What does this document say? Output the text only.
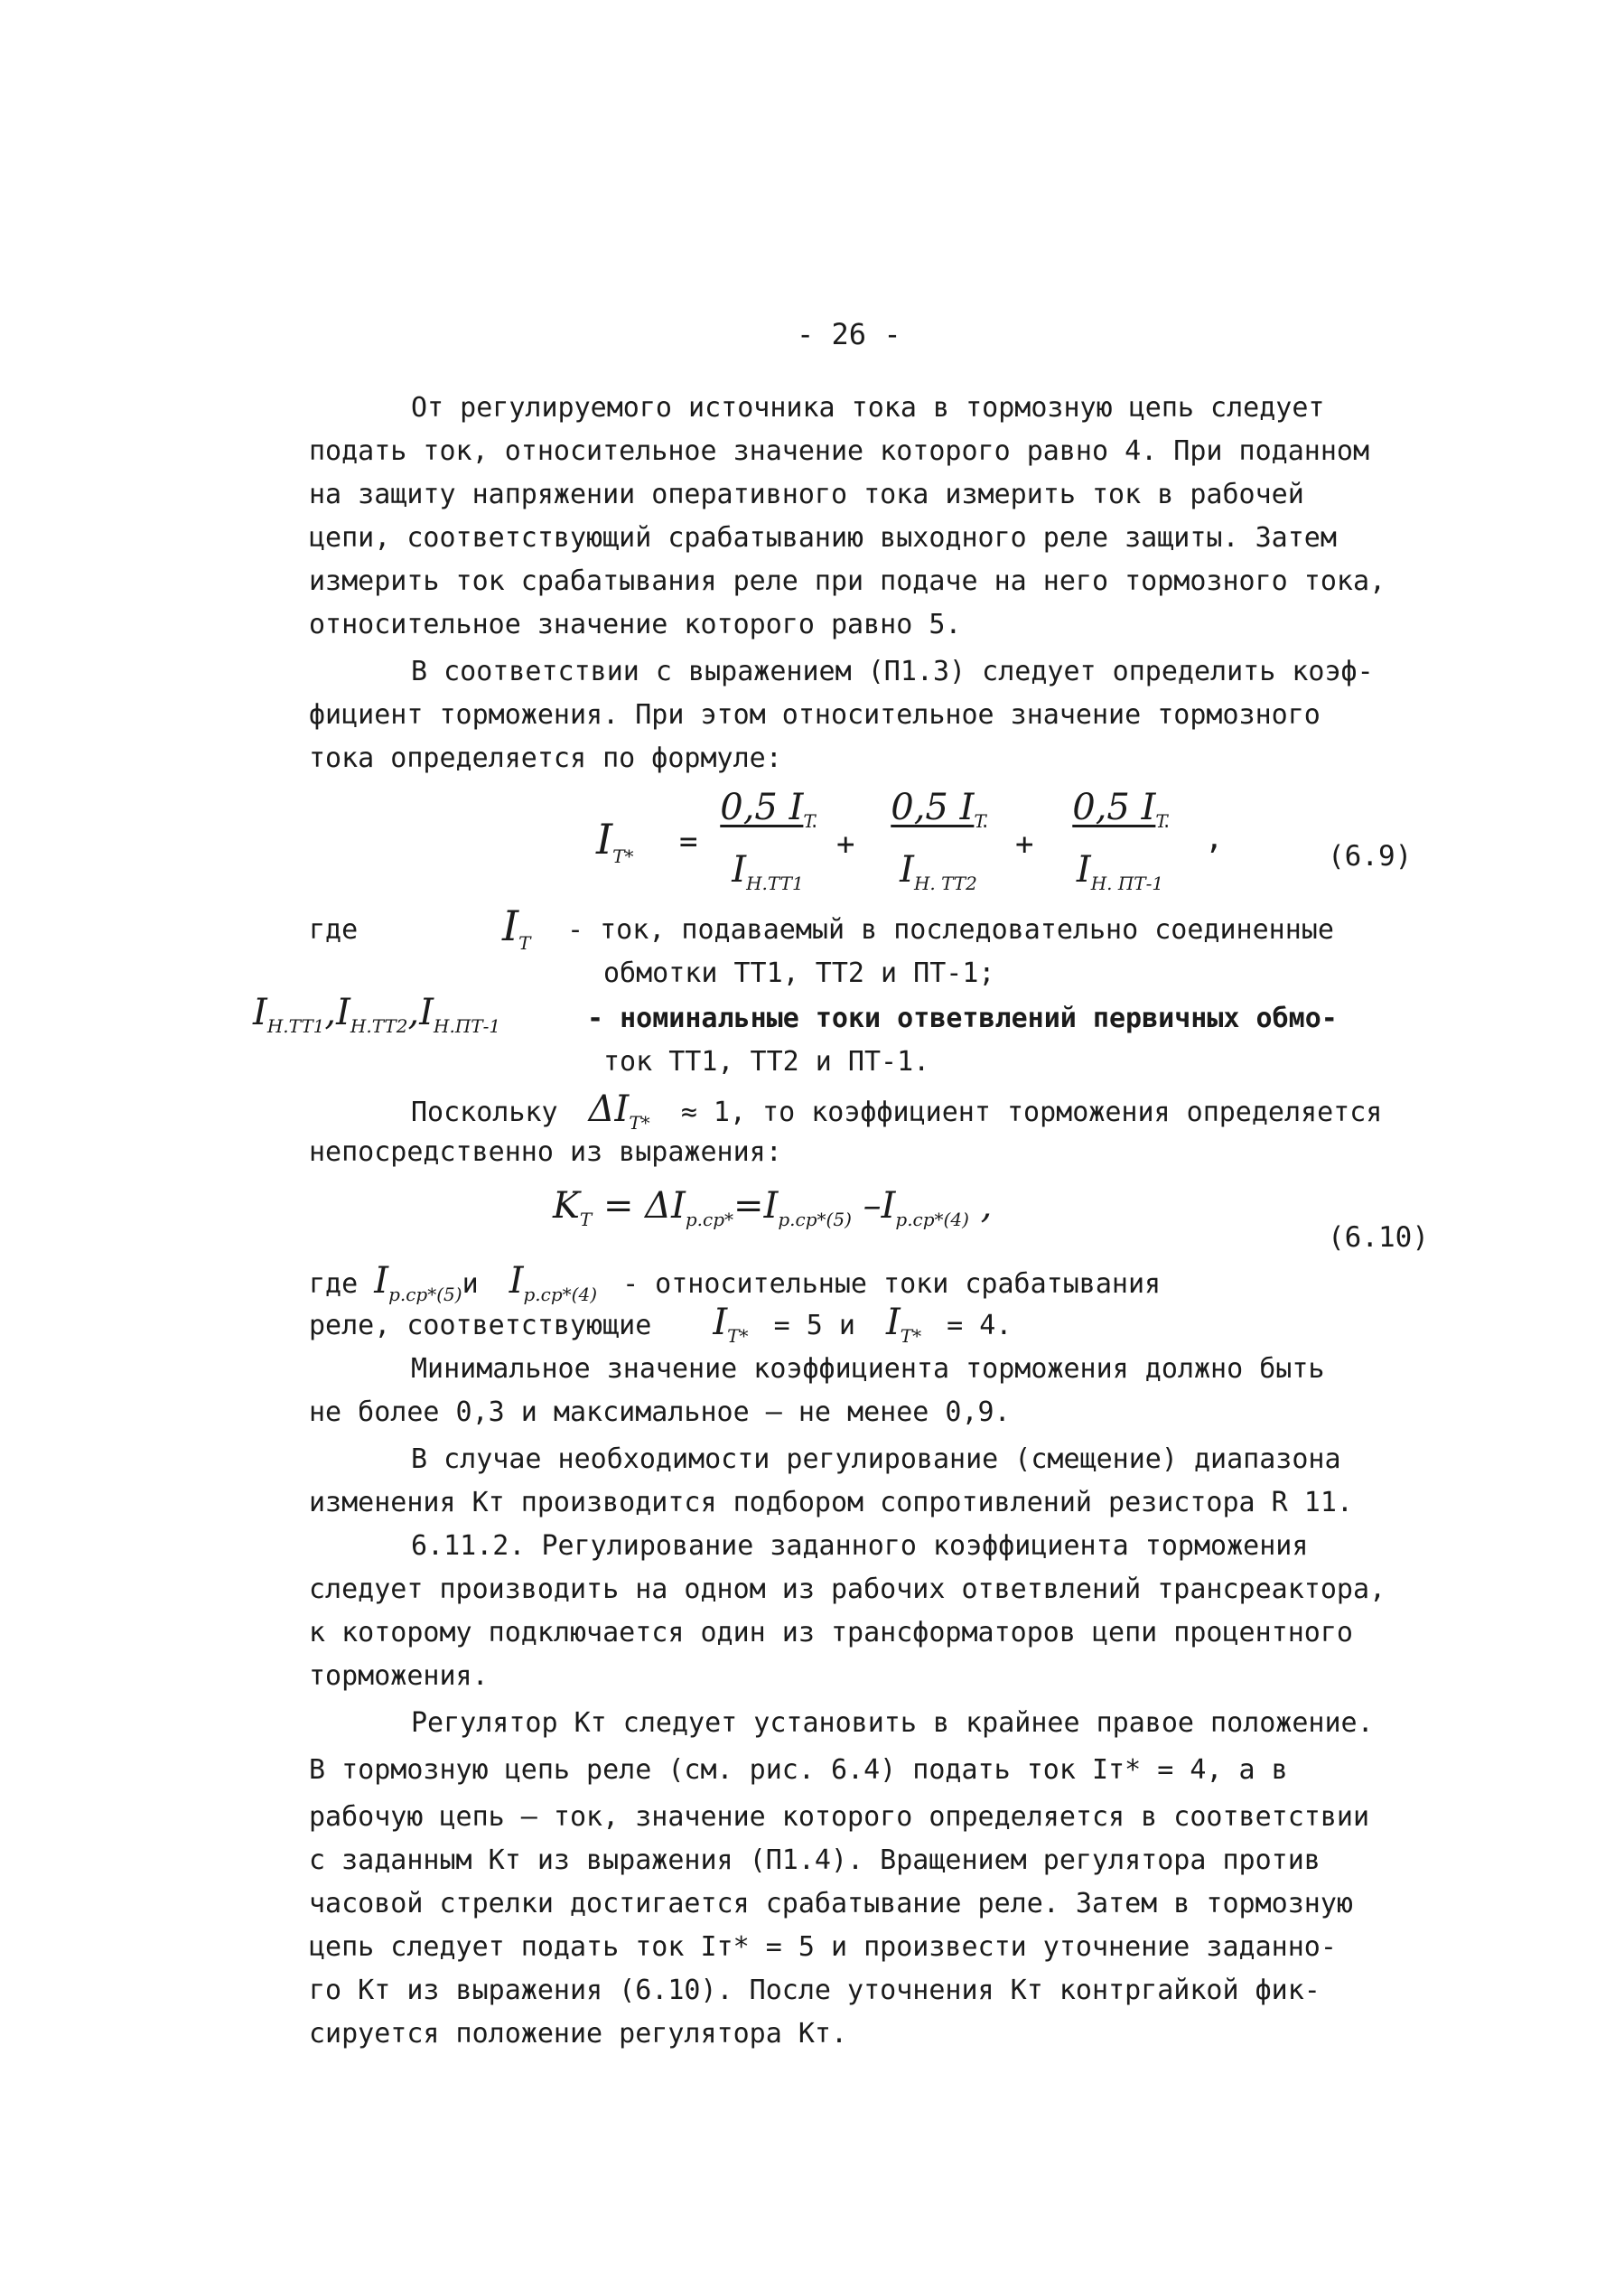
- 26 -
От регулируемого источника тока в тормозную цепь следует
подать ток, относительное значение которого равно 4. При поданном
на защиту напряжении оперативного тока измерить ток в рабочей
цепи, соответствующий срабатыванию выходного реле защиты. Затем
измерить ток срабатывания реле при подаче на него тормозного тока,
относительное значение которого равно 5.
В соответствии с выражением (П1.3) следует определить коэф-
фициент торможения. При этом относительное значение тормозного
тока определяется по формуле:
$I_{T*} = \frac{0,5 I_T}{I_{H.TT1}} + \frac{0,5 I_T}{I_{H. TT2}}$ +
0,5 $I_T$
$I_{H. ПТ-1}$
,	(6.9)
где	$I_T$ - ток, подаваемый в последовательно соединенные
обмотки TT1, TT2 и ПТ-1;
$I_{H.TT1},I_{H.TT2},I_{H.ПТ-1}$	- номинальные токи ответвлений первичных обмо-
ток TT1, TT2 и ПТ-1.
Поскольку $\Delta I_{T*} \approx 1$, то коэффициент торможения определяется
непосредственно из выражения:
$K_T = \Delta I_{p.cp*}=I_{p.cp*(5)}$ $-I_{p.cp*(4)}$ ,
(6.10)
где $I_{p.cp*(5)}и$ $I_{p.cp*(4)}$ - относительные токи срабатывания
реле, соответствующие $I_{T*} = 5$ и $I_{T*} = 4$.
Минимальное значение коэффициента торможения должно быть
не более 0,3 и максимальное – не менее 0,9.
В случае необходимости регулирование (смещение) диапазона
изменения Кт производится подбором сопротивлений резистора R 11.
6.11.2. Регулирование заданного коэффициента торможения
следует производить на одном из рабочих ответвлений трансреактора,
к которому подключается один из трансформаторов цепи процентного
торможения.
Регулятор Кт следует установить в крайнее правое положение.
В тормозную цепь реле (см. рис. 6.4) подать ток Iт* = 4, а в
рабочую цепь – ток, значение которого определяется в соответствии
с заданным Кт из выражения (П1.4). Вращением регулятора против
часовой стрелки достигается срабатывание реле. Затем в тормозную
цепь следует подать ток Iт* = 5 и произвести уточнение заданно-
го Кт из выражения (6.10). После уточнения Кт контргайкой фик-
сируется положение регулятора Кт.
